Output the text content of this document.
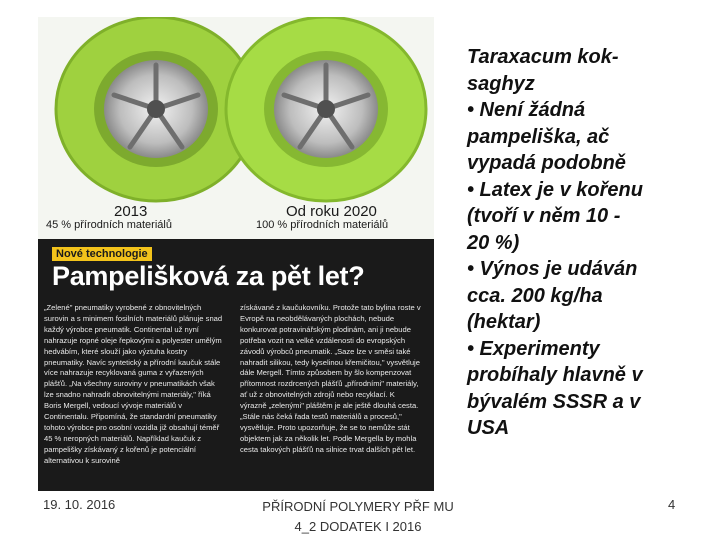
2013
45 % přírodních materiálů
Od roku 2020
100 % přírodních materiálů
Nové technologie
Pampelišková za pět let?
„Zelené" pneumatiky vyrobené z obnovitelných surovin a s minimem fosilních materiálů plánuje snad každý výrobce pneumatik. Continental už nyní nahrazuje ropné oleje řepkovými a polyester umělým hedvábím, které slouží jako výztuha kostry pneumatiky. Navíc syntetický a přírodní kaučuk stále více nahrazuje recyklovaná guma z vyřazených plášťů. „Na všechny suroviny v pneumatikách však lze snadno nahradit obnovitelnými materiály," říká Boris Mergell, vedoucí vývoje materiálů v Continentalu. Připomíná, že standardní pneumatiky tohoto výrobce pro osobní vozidla již obsahují téměř 45 % neropných materiálů. Například kaučuk z pampelišky získávaný z kořenů je potenciální alternativou k surovině
získávané z kaučukovníku. Protože tato bylina roste v Evropě na neobdělávaných plochách, nebude konkurovat potravinářským plodinám, ani ji nebude potřeba vozit na velké vzdálenosti do evropských závodů výrobců pneumatik. „Saze lze v směsi také nahradit silikou, tedy kyselinou křemičitou," vysvětluje dále Mergell. Tímto způsobem by šlo kompenzovat přítomnost rozdrcených plášťů „přírodními" materiály, ať už z obnovitelných zdrojů nebo recyklací. K výrazně „zelenými" pláštěm je ale ještě dlouhá cesta. „Stále nás čeká řada testů materiálů a procesů," vysvětluje. Proto upozorňuje, že se to nemůže stát objektem jak za několik let. Podle Mergella by mohla cesta takových plášťů na silnice trvat dalších pět let.
Taraxacum kok-
saghyz
• Není žádná
pampeliška, ač
vypadá podobně
• Latex je v kořenu
(tvoří v něm 10 -
20 %)
• Výnos je udáván
cca. 200 kg/ha
(hektar)
• Experimenty
probíhaly hlavně v
bývalém SSSR a v
USA
19. 10. 2016	PŘÍRODNÍ POLYMERY PŘF MU
4_2 DODATEK I 2016
4
